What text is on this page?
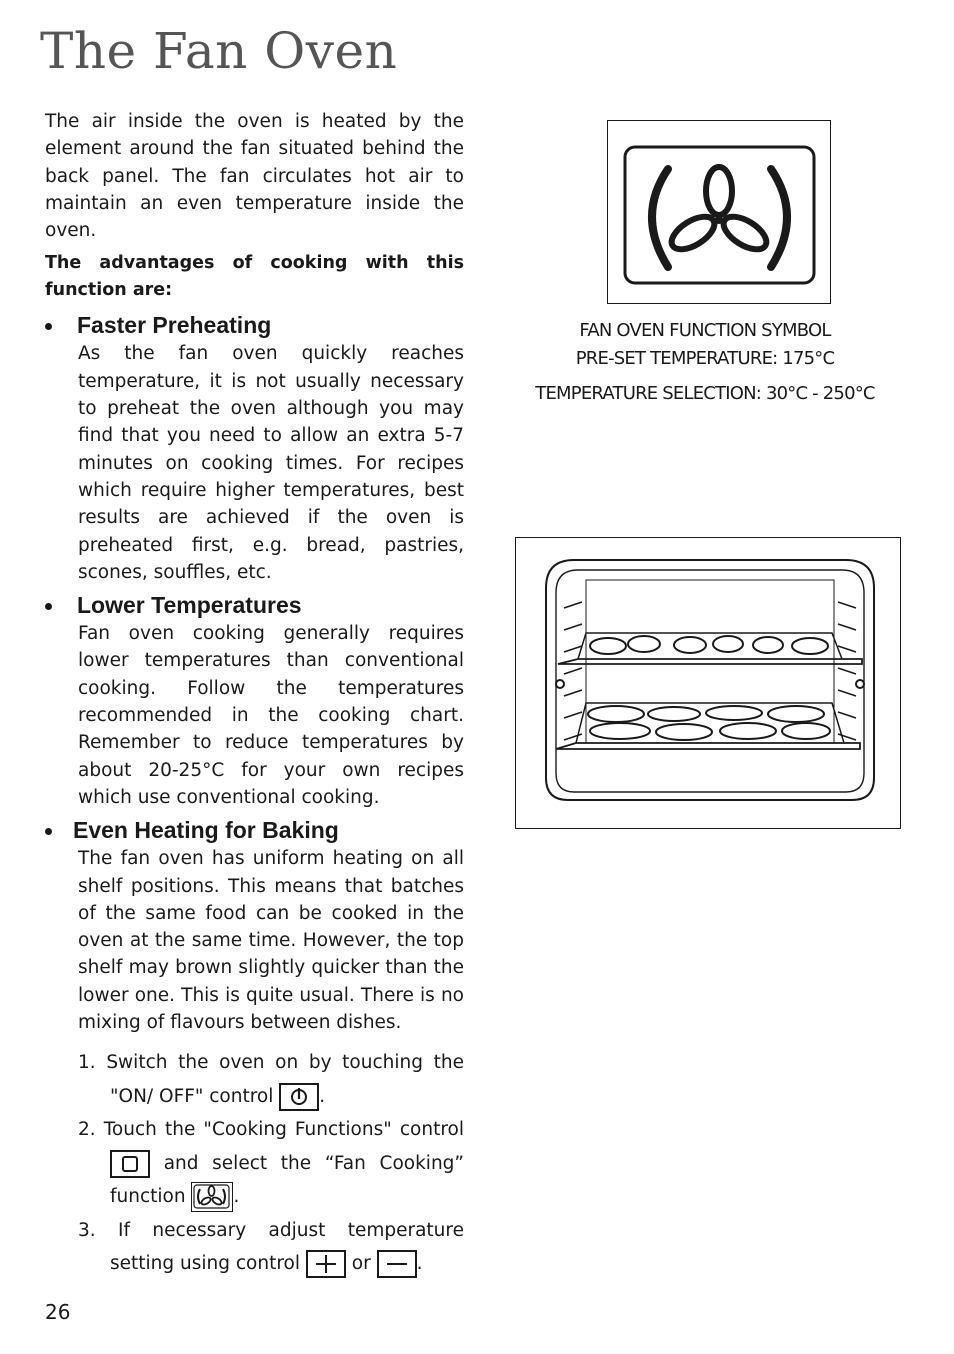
The Fan Oven

The air inside the oven is heated by the element around the fan situated behind the back panel. The fan circulates hot air to maintain an even temperature inside the oven.

The advantages of cooking with this function are:

Faster Preheating

As the fan oven quickly reaches temperature, it is not usually necessary to preheat the oven although you may find that you need to allow an extra 5-7 minutes on cooking times. For recipes which require higher temperatures, best results are achieved if the oven is preheated first, e.g. bread, pastries, scones, souffles, etc.

Lower Temperatures

Fan oven cooking generally requires lower temperatures than conventional cooking. Follow the temperatures recommended in the cooking chart. Remember to reduce temperatures by about 20-25°C for your own recipes which use conventional cooking.

Even Heating for Baking

The fan oven has uniform heating on all shelf positions. This means that batches of the same food can be cooked in the oven at the same time. However, the top shelf may brown slightly quicker than the lower one. This is quite usual. There is no mixing of flavours between dishes.
1. Switch the oven on by touching the "ON/ OFF" control .
2. Touch the "Cooking Functions" control
and select the “Fan Cooking” function	.
3. If necessary adjust temperature setting using control	or .

FAN OVEN FUNCTION SYMBOL

PRE-SET TEMPERATURE: 175°C

TEMPERATURE SELECTION: 30°C - 250°C

26
